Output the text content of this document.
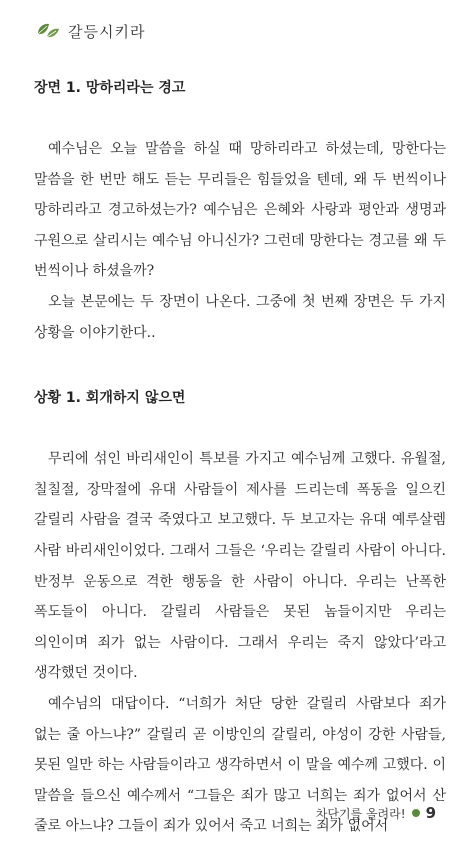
갈등시키라
장면 1. 망하리라는 경고

예수님은 오늘 말씀을 하실 때 망하리라고 하셨는데, 망한다는 말씀을 한 번만 해도 듣는 무리들은 힘들었을 텐데, 왜 두 번씩이나 망하리라고 경고하셨는가? 예수님은 은혜와 사랑과 평안과 생명과 구원으로 살리시는 예수님 아니신가? 그런데 망한다는 경고를 왜 두 번씩이나 하셨을까?

오늘 본문에는 두 장면이 나온다. 그중에 첫 번째 장면은 두 가지 상황을 이야기한다..

상황 1. 회개하지 않으면

무리에 섞인 바리새인이 특보를 가지고 예수님께 고했다. 유월절, 칠칠절, 장막절에 유대 사람들이 제사를 드리는데 폭동을 일으킨 갈릴리 사람을 결국 죽였다고 보고했다. 두 보고자는 유대 예루살렘 사람 바리새인이었다. 그래서 그들은 ‘우리는 갈릴리 사람이 아니다. 반정부 운동으로 격한 행동을 한 사람이 아니다. 우리는 난폭한 폭도들이 아니다. 갈릴리 사람들은 못된 놈들이지만 우리는 의인이며 죄가 없는 사람이다. 그래서 우리는 죽지 않았다’라고 생각했던 것이다.

예수님의 대답이다. “너희가 처단 당한 갈릴리 사람보다 죄가 없는 줄 아느냐?” 갈릴리 곧 이방인의 갈릴리, 야성이 강한 사람들, 못된 일만 하는 사람들이라고 생각하면서 이 말을 예수께 고했다. 이 말씀을 들으신 예수께서 “그들은 죄가 많고 너희는 죄가 없어서 산 줄로 아느냐? 그들이 죄가 있어서 죽고 너희는 죄가 없어서

차단기를 올려라! 9
